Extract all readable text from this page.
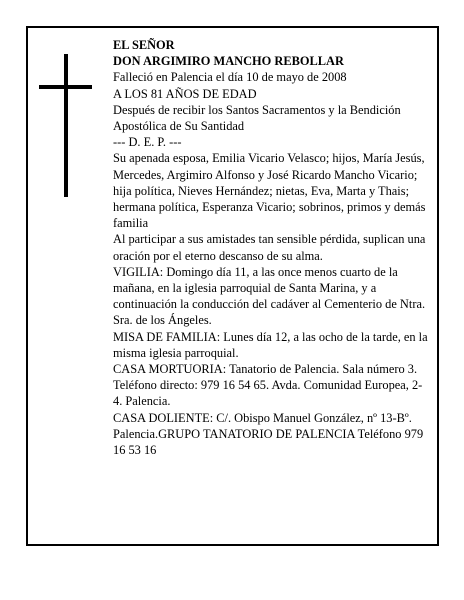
EL SEÑOR

DON ARGIMIRO MANCHO REBOLLAR

Falleció en Palencia el día 10 de mayo de 2008

A LOS 81 AÑOS DE EDAD

Después de recibir los Santos Sacramentos y la Bendición Apostólica de Su Santidad

--- D. E. P. ---

Su apenada esposa, Emilia Vicario Velasco; hijos, María Jesús, Mercedes, Argimiro Alfonso y José Ricardo Mancho Vicario; hija política, Nieves Hernández; nietas, Eva, Marta y Thais; hermana política, Esperanza Vicario; sobrinos, primos y demás familia

Al participar a sus amistades tan sensible pérdida, suplican una oración por el eterno descanso de su alma.

VIGILIA: Domingo día 11, a las once menos cuarto de la mañana, en la iglesia parroquial de Santa Marina, y a continuación la conducción del cadáver al Cementerio de Ntra. Sra. de los Ángeles.

MISA DE FAMILIA: Lunes día 12, a las ocho de la tarde, en la misma iglesia parroquial.

CASA MORTUORIA: Tanatorio de Palencia. Sala número 3. Teléfono directo: 979 16 54 65. Avda. Comunidad Europea, 2-4. Palencia.

CASA DOLIENTE: C/. Obispo Manuel González, nº 13-Bº. Palencia.GRUPO TANATORIO DE PALENCIA Teléfono 979 16 53 16
